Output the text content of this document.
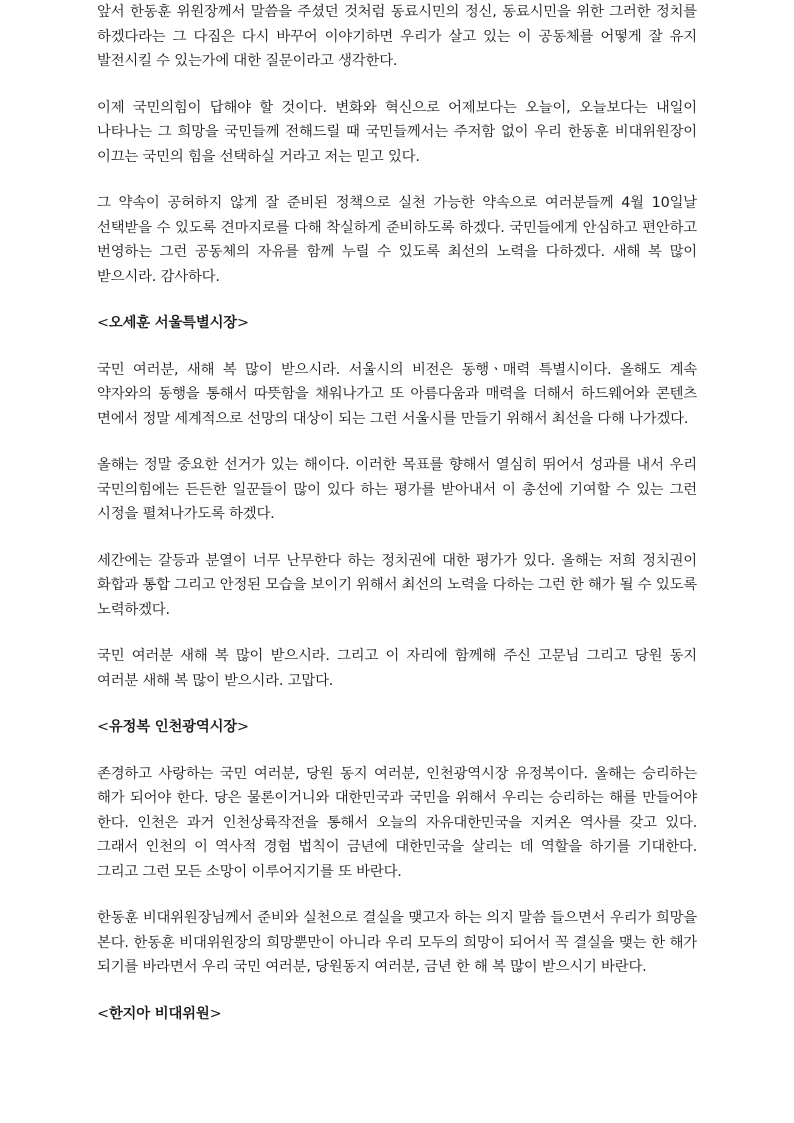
앞서 한동훈 위원장께서 말씀을 주셨던 것처럼 동료시민의 정신, 동료시민을 위한 그러한 정치를 하겠다라는 그 다짐은 다시 바꾸어 이야기하면 우리가 살고 있는 이 공동체를 어떻게 잘 유지 발전시킬 수 있는가에 대한 질문이라고 생각한다.

이제 국민의힘이 답해야 할 것이다. 변화와 혁신으로 어제보다는 오늘이, 오늘보다는 내일이 나타나는 그 희망을 국민들께 전해드릴 때 국민들께서는 주저함 없이 우리 한동훈 비대위원장이 이끄는 국민의 힘을 선택하실 거라고 저는 믿고 있다.

그 약속이 공허하지 않게 잘 준비된 정책으로 실천 가능한 약속으로 여러분들께 4월 10일날 선택받을 수 있도록 견마지로를 다해 착실하게 준비하도록 하겠다. 국민들에게 안심하고 편안하고 번영하는 그런 공동체의 자유를 함께 누릴 수 있도록 최선의 노력을 다하겠다. 새해 복 많이 받으시라. 감사하다.

<오세훈 서울특별시장>

국민 여러분, 새해 복 많이 받으시라. 서울시의 비전은 동행ㆍ매력 특별시이다. 올해도 계속 약자와의 동행을 통해서 따뜻함을 채워나가고 또 아름다움과 매력을 더해서 하드웨어와 콘텐츠 면에서 정말 세계적으로 선망의 대상이 되는 그런 서울시를 만들기 위해서 최선을 다해 나가겠다.

올해는 정말 중요한 선거가 있는 해이다. 이러한 목표를 향해서 열심히 뛰어서 성과를 내서 우리 국민의힘에는 든든한 일꾼들이 많이 있다 하는 평가를 받아내서 이 총선에 기여할 수 있는 그런 시정을 펼쳐나가도록 하겠다.

세간에는 갈등과 분열이 너무 난무한다 하는 정치권에 대한 평가가 있다. 올해는 저희 정치권이 화합과 통합 그리고 안정된 모습을 보이기 위해서 최선의 노력을 다하는 그런 한 해가 될 수 있도록 노력하겠다.

국민 여러분 새해 복 많이 받으시라. 그리고 이 자리에 함께해 주신 고문님 그리고 당원 동지 여러분 새해 복 많이 받으시라. 고맙다.

<유정복 인천광역시장>

존경하고 사랑하는 국민 여러분, 당원 동지 여러분, 인천광역시장 유정복이다. 올해는 승리하는 해가 되어야 한다. 당은 물론이거니와 대한민국과 국민을 위해서 우리는 승리하는 해를 만들어야 한다. 인천은 과거 인천상륙작전을 통해서 오늘의 자유대한민국을 지켜온 역사를 갖고 있다. 그래서 인천의 이 역사적 경험 법칙이 금년에 대한민국을 살리는 데 역할을 하기를 기대한다. 그리고 그런 모든 소망이 이루어지기를 또 바란다.

한동훈 비대위원장님께서 준비와 실천으로 결실을 맺고자 하는 의지 말씀 들으면서 우리가 희망을 본다. 한동훈 비대위원장의 희망뿐만이 아니라 우리 모두의 희망이 되어서 꼭 결실을 맺는 한 해가 되기를 바라면서 우리 국민 여러분, 당원동지 여러분, 금년 한 해 복 많이 받으시기 바란다.

<한지아 비대위원>
